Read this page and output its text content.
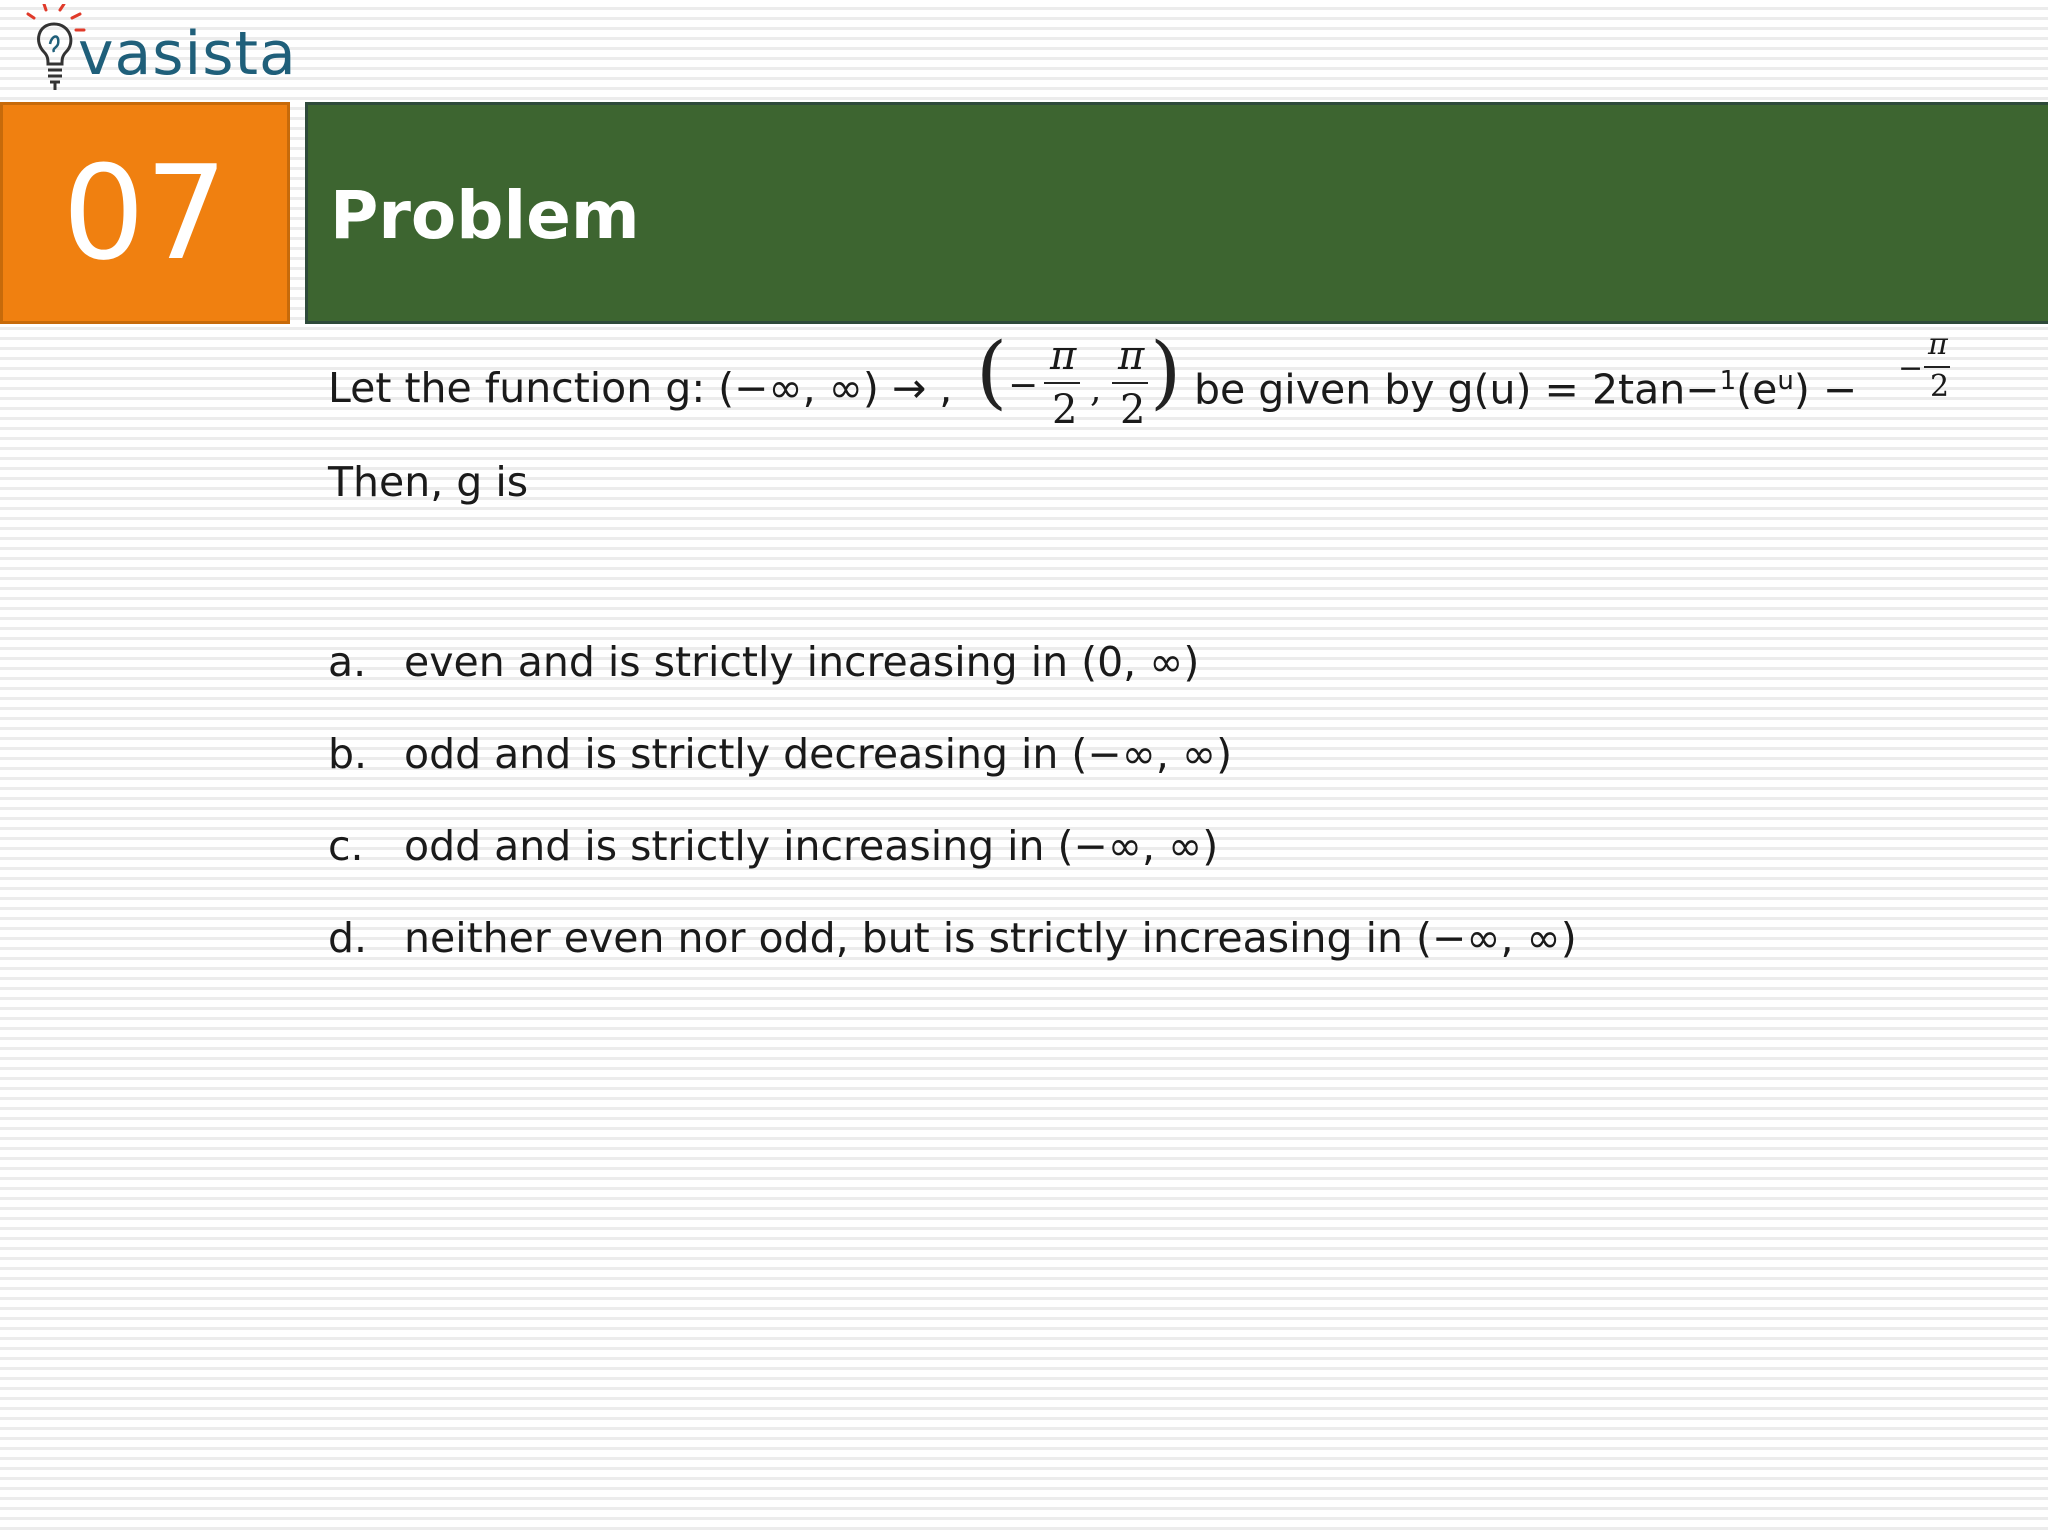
vasista
07 Problem
Let the function g: (−∞, ∞) → , ( −
π
2 ,
π
2 ) be given by $g(u) = 2\tan-^1(e^u)$ − −
π
2
Then, g is
a. even and is strictly increasing in (0, ∞)
b. odd and is strictly decreasing in (−∞, ∞)
c. odd and is strictly increasing in (−∞, ∞)
d. neither even nor odd, but is strictly increasing in (−∞, ∞)
